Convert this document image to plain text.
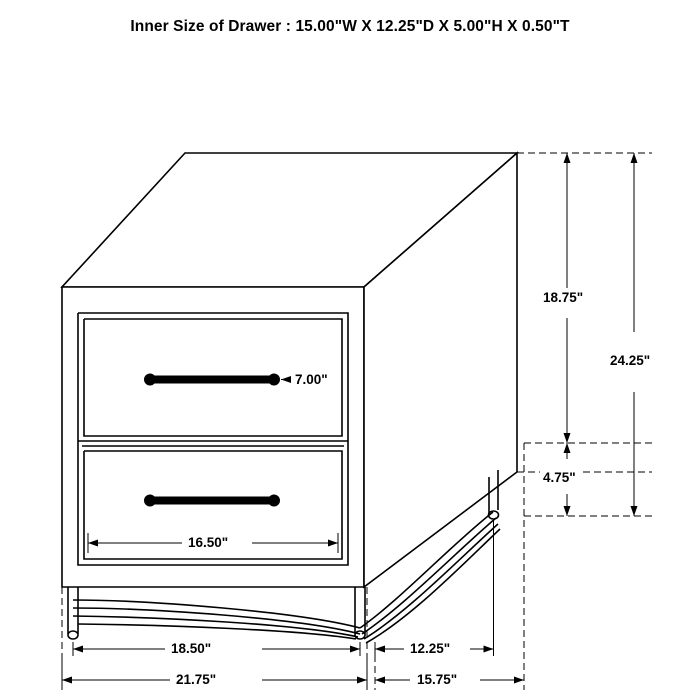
Inner Size of Drawer : 15.00"W X 12.25"D X 5.00"H X 0.50"T
7.00"
16.50"
18.75"
24.25"
4.75"
18.50"	12.25"
21.75"	15.75"
